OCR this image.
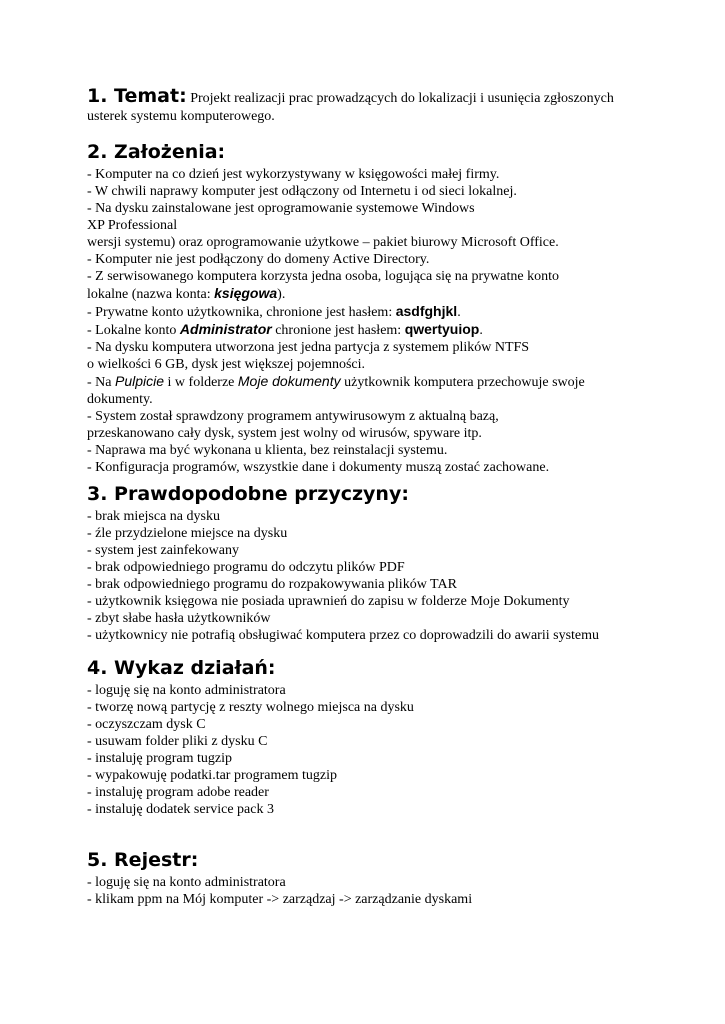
1. Temat: Projekt realizacji prac prowadzących do lokalizacji i usunięcia zgłoszonych
usterek systemu komputerowego.
2. Założenia:
- Komputer na co dzień jest wykorzystywany w księgowości małej firmy.
- W chwili naprawy komputer jest odłączony od Internetu i od sieci lokalnej.
- Na dysku zainstalowane jest oprogramowanie systemowe Windows
XP Professional
wersji systemu) oraz oprogramowanie użytkowe – pakiet biurowy Microsoft Office.
- Komputer nie jest podłączony do domeny Active Directory.
- Z serwisowanego komputera korzysta jedna osoba, logująca się na prywatne konto
lokalne (nazwa konta: księgowa).
- Prywatne konto użytkownika, chronione jest hasłem: asdfghjkl.
- Lokalne konto Administrator chronione jest hasłem: qwertyuiop.
- Na dysku komputera utworzona jest jedna partycja z systemem plików NTFS
o wielkości 6 GB, dysk jest większej pojemności.
- Na Pulpicie i w folderze Moje dokumenty użytkownik komputera przechowuje swoje
dokumenty.
- System został sprawdzony programem antywirusowym z aktualną bazą,
przeskanowano cały dysk, system jest wolny od wirusów, spyware itp.
- Naprawa ma być wykonana u klienta, bez reinstalacji systemu.
- Konfiguracja programów, wszystkie dane i dokumenty muszą zostać zachowane.
3. Prawdopodobne przyczyny:
- brak miejsca na dysku
- źle przydzielone miejsce na dysku
- system jest zainfekowany
- brak odpowiedniego programu do odczytu plików PDF
- brak odpowiedniego programu do rozpakowywania plików TAR
- użytkownik księgowa nie posiada uprawnień do zapisu w folderze Moje Dokumenty
- zbyt słabe hasła użytkowników
- użytkownicy nie potrafią obsługiwać komputera przez co doprowadzili do awarii systemu
4. Wykaz działań:
- loguję się na konto administratora
- tworzę nową partycję z reszty wolnego miejsca na dysku
- oczyszczam dysk C
- usuwam folder pliki z dysku C
- instaluję program tugzip
- wypakowuję podatki.tar programem tugzip
- instaluję program adobe reader
- instaluję dodatek service pack 3
5. Rejestr:
- loguję się na konto administratora
- klikam ppm na Mój komputer -> zarządzaj -> zarządzanie dyskami
